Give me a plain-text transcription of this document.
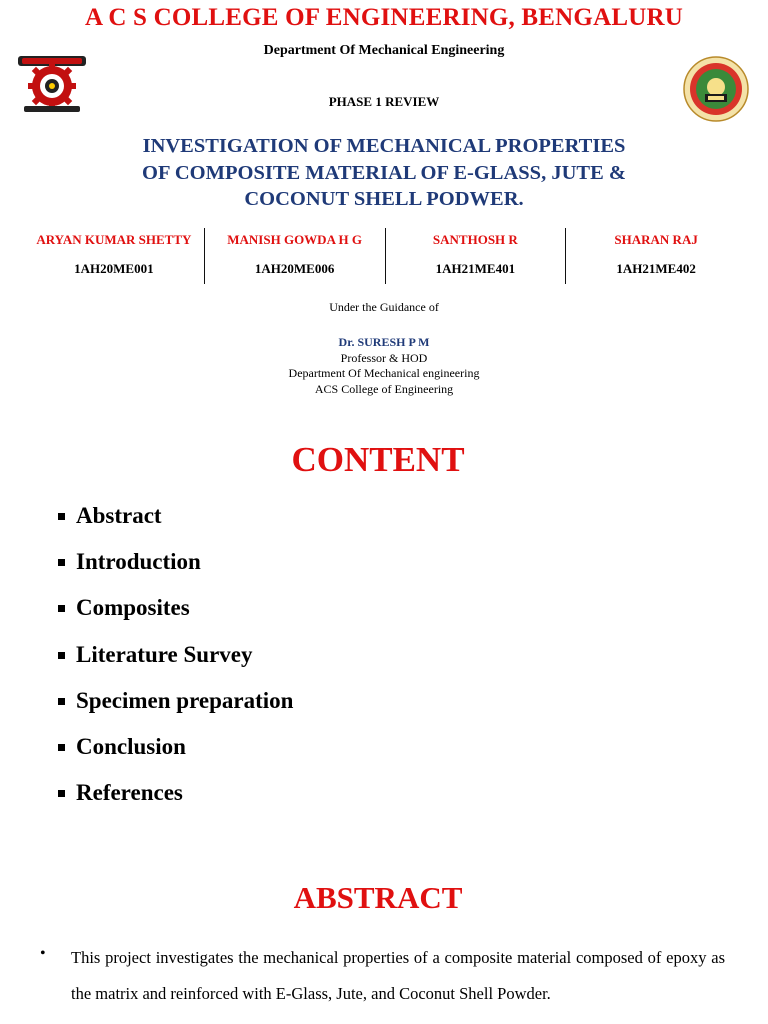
A C S COLLEGE OF ENGINEERING, BENGALURU
Department Of Mechanical Engineering
PHASE 1 REVIEW
INVESTIGATION OF MECHANICAL PROPERTIES
OF COMPOSITE MATERIAL OF E-GLASS, JUTE &
COCONUT SHELL PODWER.
ARYAN KUMAR SHETTY
1AH20ME001
MANISH GOWDA H G
1AH20ME006
SANTHOSH R
1AH21ME401
SHARAN RAJ
1AH21ME402
Under the Guidance of
Dr. SURESH P M
Professor & HOD
Department Of Mechanical engineering
ACS College of Engineering
CONTENT
Abstract
Introduction
Composites
Literature Survey
Specimen preparation
Conclusion
References
ABSTRACT
• This project investigates the mechanical properties of a composite material composed of epoxy as the matrix and reinforced with E-Glass, Jute, and Coconut Shell Powder.
